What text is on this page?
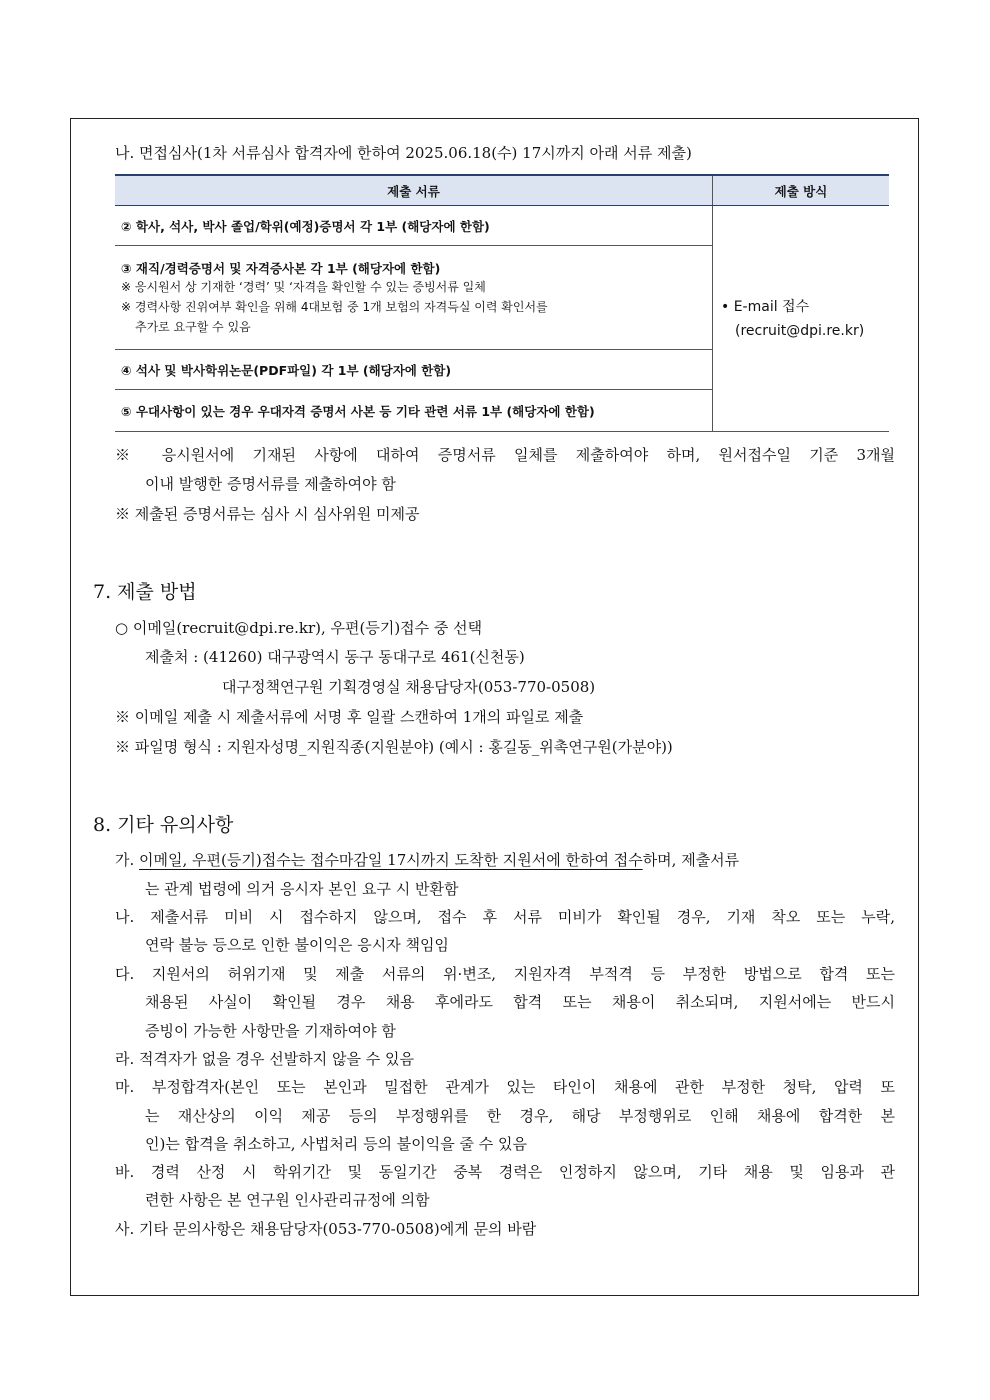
나. 면접심사(1차 서류심사 합격자에 한하여 2025.06.18(수) 17시까지 아래 서류 제출)
제출 서류	제출 방식
② 학사, 석사, 박사 졸업/학위(예정)증명서 각 1부 (해당자에 한함)	• E-mail 접수
(recruit@dpi.re.kr)

③ 재직/경력증명서 및 자격증사본 각 1부 (해당자에 한함)
※ 응시원서 상 기재한 ‘경력’ 및 ‘자격을 확인할 수 있는 증빙서류 일체
※ 경력사항 진위여부 확인을 위해 4대보험 중 1개 보험의 자격득실 이력 확인서를
추가로 요구할 수 있음	

④ 석사 및 박사학위논문(PDF파일) 각 1부 (해당자에 한함)	
⑤ 우대사항이 있는 경우 우대자격 증명서 사본 등 기타 관련 서류 1부 (해당자에 한함)	
※ 응시원서에 기재된 사항에 대하여 증명서류 일체를 제출하여야 하며, 원서접수일 기준 3개월
이내 발행한 증명서류를 제출하여야 함
※ 제출된 증명서류는 심사 시 심사위원 미제공
7. 제출 방법
○ 이메일(recruit@dpi.re.kr), 우편(등기)접수 중 선택
제출처 : (41260) 대구광역시 동구 동대구로 461(신천동)
대구정책연구원 기획경영실 채용담당자(053-770-0508)
※ 이메일 제출 시 제출서류에 서명 후 일괄 스캔하여 1개의 파일로 제출
※ 파일명 형식 : 지원자성명_지원직종(지원분야) (예시 : 홍길동_위촉연구원(가분야))
8. 기타 유의사항
가. 이메일, 우편(등기)접수는 접수마감일 17시까지 도착한 지원서에 한하여 접수하며, 제출서류
는 관계 법령에 의거 응시자 본인 요구 시 반환함
나. 제출서류 미비 시 접수하지 않으며, 접수 후 서류 미비가 확인될 경우, 기재 착오 또는 누락,
연락 불능 등으로 인한 불이익은 응시자 책임임
다. 지원서의 허위기재 및 제출 서류의 위·변조, 지원자격 부적격 등 부정한 방법으로 합격 또는
채용된 사실이 확인될 경우 채용 후에라도 합격 또는 채용이 취소되며, 지원서에는 반드시
증빙이 가능한 사항만을 기재하여야 함
라. 적격자가 없을 경우 선발하지 않을 수 있음
마. 부정합격자(본인 또는 본인과 밀접한 관계가 있는 타인이 채용에 관한 부정한 청탁, 압력 또
는 재산상의 이익 제공 등의 부정행위를 한 경우, 해당 부정행위로 인해 채용에 합격한 본
인)는 합격을 취소하고, 사법처리 등의 불이익을 줄 수 있음
바. 경력 산정 시 학위기간 및 동일기간 중복 경력은 인정하지 않으며, 기타 채용 및 임용과 관
련한 사항은 본 연구원 인사관리규정에 의함
사. 기타 문의사항은 채용담당자(053-770-0508)에게 문의 바람
